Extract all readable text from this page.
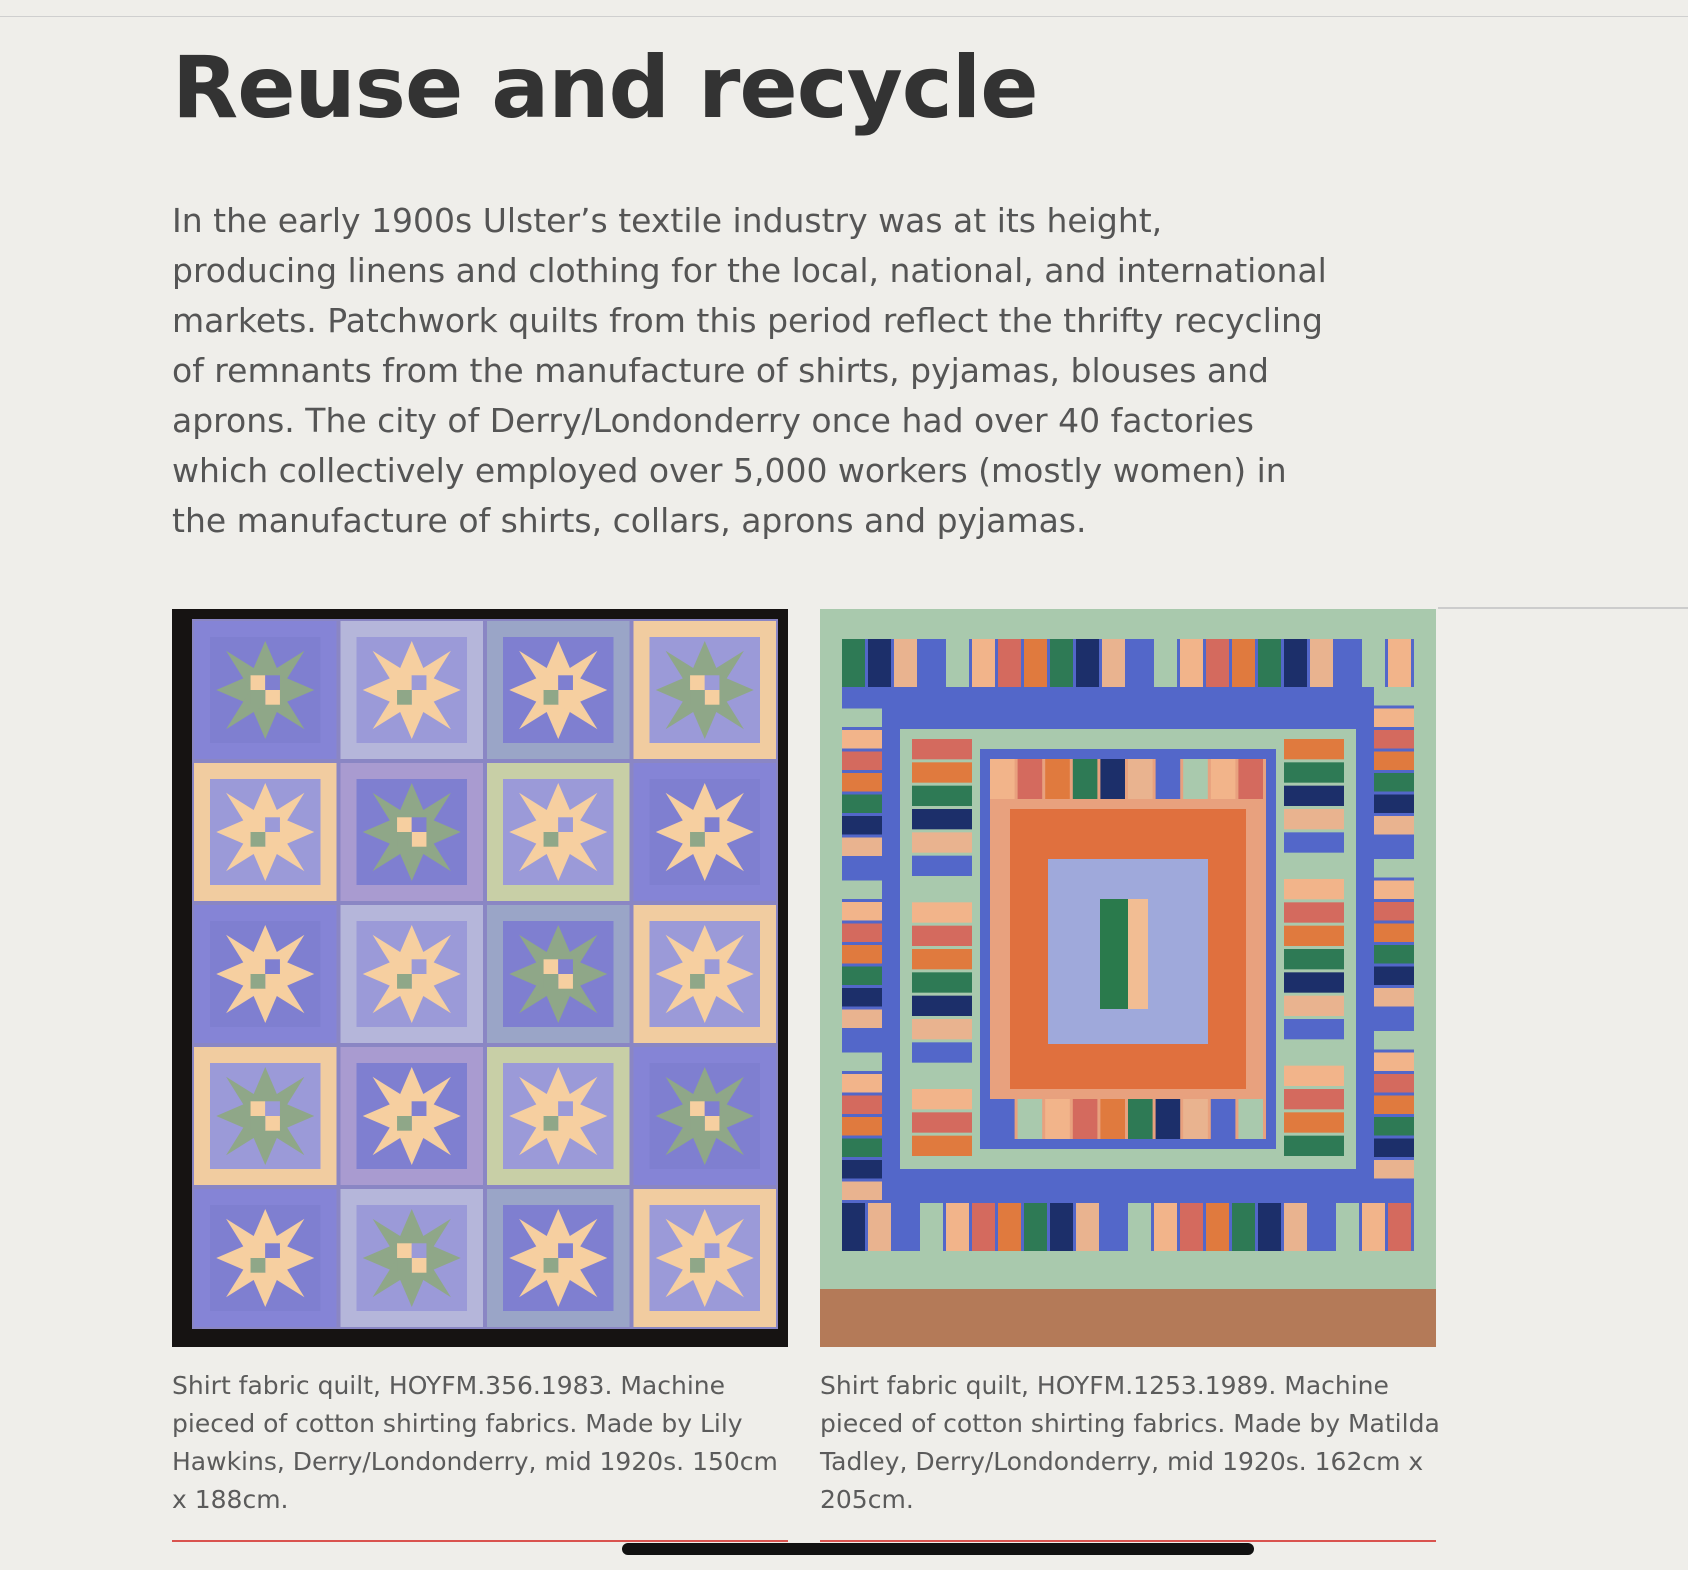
Reuse and recycle

In the early 1900s Ulster’s textile industry was at its height, producing linens and clothing for the local, national, and international markets. Patchwork quilts from this period reflect the thrifty recycling of remnants from the manufacture of shirts, pyjamas, blouses and aprons. The city of Derry/Londonderry once had over 40 factories which collectively employed over 5,000 workers (mostly women) in the manufacture of shirts, collars, aprons and pyjamas.

Shirt fabric quilt, HOYFM.356.1983. Machine pieced of cotton shirting fabrics. Made by Lily Hawkins, Derry/Londonderry, mid 1920s. 150cm x 188cm.

Shirt fabric quilt, HOYFM.1253.1989. Machine pieced of cotton shirting fabrics. Made by Matilda Tadley, Derry/Londonderry, mid 1920s. 162cm x 205cm.
